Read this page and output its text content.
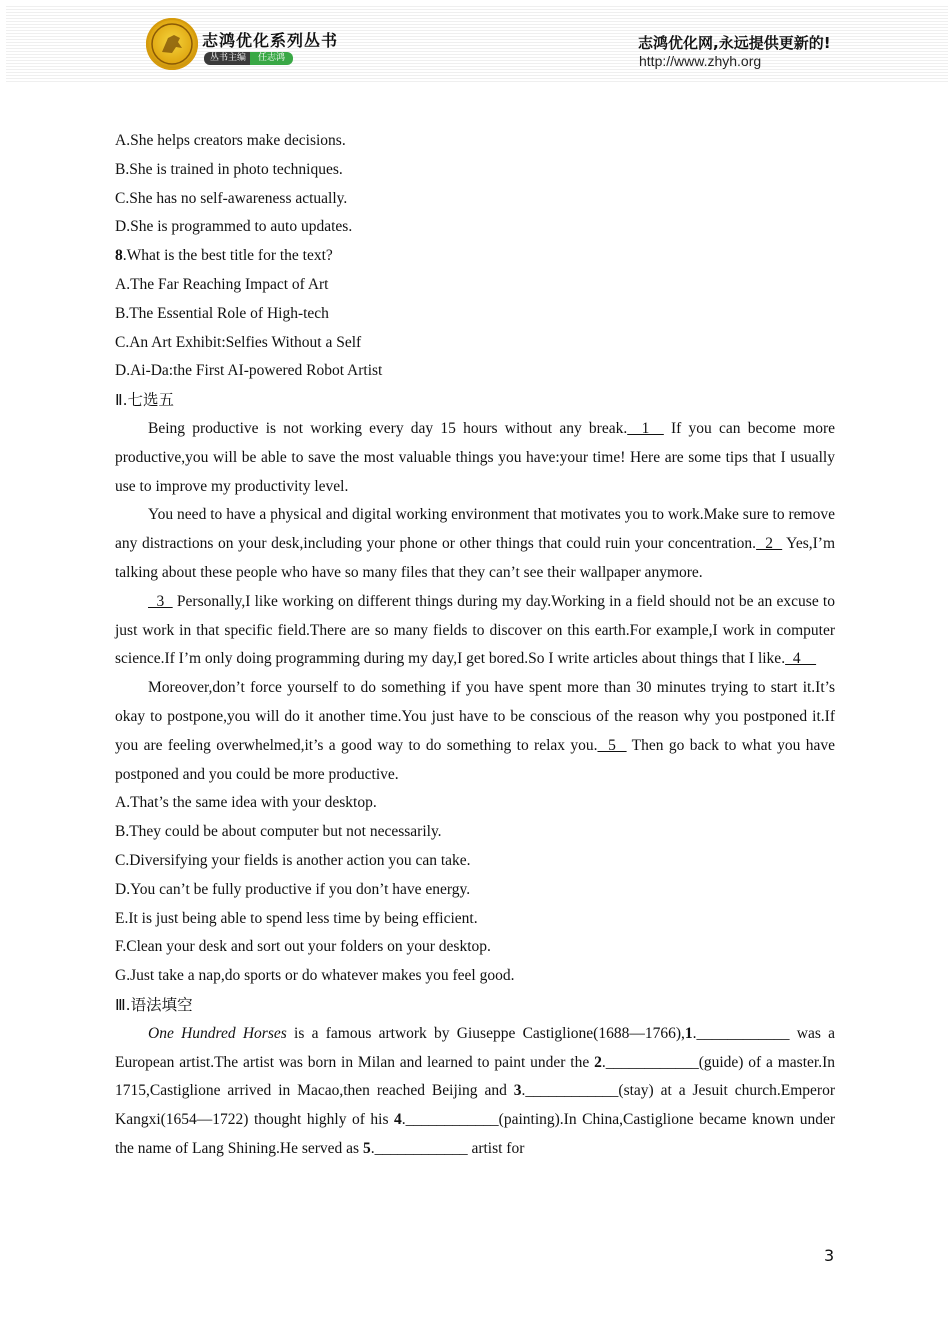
志鸿优化系列丛书
丛书主编	任志鸿
志鸿优化网,永远提供更新的!
http://www.zhyh.org

A.She helps creators make decisions.

B.She is trained in photo techniques.

C.She has no self-awareness actually.

D.She is programmed to auto updates.

8.What is the best title for the text?

A.The Far Reaching Impact of Art

B.The Essential Role of High-tech

C.An Art Exhibit:Selfies Without a Self

D.Ai-Da:the First AI-powered Robot Artist

Ⅱ.七选五

Being productive is not working every day 15 hours without any break.  1   If you can become more productive,you will be able to save the most valuable things you have:your time! Here are some tips that I usually use to improve my productivity level.

You need to have a physical and digital working environment that motivates you to work.Make sure to remove any distractions on your desk,including your phone or other things that could ruin your concentration.  2   Yes,I’m talking about these people who have so many files that they can’t see their wallpaper anymore.

3   Personally,I like working on different things during my day.Working in a field should not be an excuse to just work in that specific field.There are so many fields to discover on this earth.For example,I work in computer science.If I’m only doing programming during my day,I get bored.So I write articles about things that I like.  4

Moreover,don’t force yourself to do something if you have spent more than 30 minutes trying to start it.It’s okay to postpone,you will do it another time.You just have to be conscious of the reason why you postponed it.If you are feeling overwhelmed,it’s a good way to do something to relax you.  5   Then go back to what you have postponed and you could be more productive.

A.That’s the same idea with your desktop.

B.They could be about computer but not necessarily.

C.Diversifying your fields is another action you can take.

D.You can’t be fully productive if you don’t have energy.

E.It is just being able to spend less time by being efficient.

F.Clean your desk and sort out your folders on your desktop.

G.Just take a nap,do sports or do whatever makes you feel good.

Ⅲ.语法填空

One Hundred Horses is a famous artwork by Giuseppe Castiglione(1688—1766),1.____________ was a European artist.The artist was born in Milan and learned to paint under the 2.____________(guide) of a master.In 1715,Castiglione arrived in Macao,then reached Beijing and 3.____________(stay) at a Jesuit church.Emperor Kangxi(1654—1722) thought highly of his 4.____________(painting).In China,Castiglione became known under the name of Lang Shining.He served as 5.____________ artist for

3
